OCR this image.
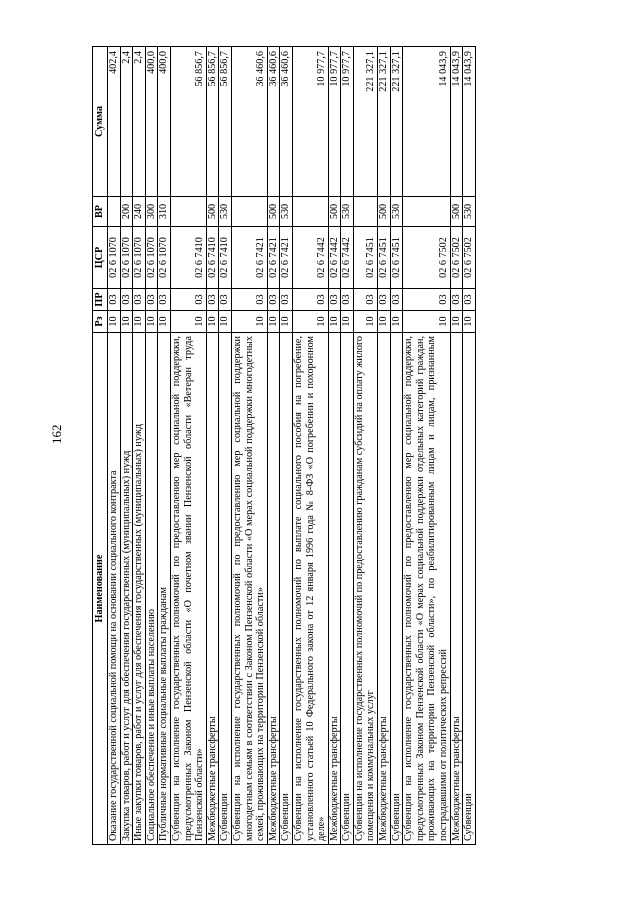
162
Наименование	Рз	ПР	ЦСР	ВР	Сумма
Оказание государственной социальной помощи на основании социального контракта	10	03	02 6 1070		402,4
Закупка товаров, работ и услуг для обеспечения государственных (муниципальных) нужд	10	03	02 6 1070	200	2,4
Иные закупки товаров, работ и услуг для обеспечения государственных (муниципальных) нужд	10	03	02 6 1070	240	2,4
Социальное обеспечение и иные выплаты населению	10	03	02 6 1070	300	400,0
Публичные нормативные социальные выплаты гражданам	10	03	02 6 1070	310	400,0
Субвенции на исполнение государственных полномочий по предоставлению мер социальной поддержки, предусмотренных Законом Пензенской области «О почетном звании Пензенской области «Ветеран труда Пензенской области»	10	03	02 6 7410		56 856,7
Межбюджетные трансферты	10	03	02 6 7410	500	56 856,7
Субвенции	10	03	02 6 7410	530	56 856,7
Субвенции на исполнение государственных полномочий по предоставлению мер социальной поддержки многодетным семьям в соответствии с Законом Пензенской области «О мерах социальной поддержки многодетных семей, проживающих на территории Пензенской области»	10	03	02 6 7421		36 460,6
Межбюджетные трансферты	10	03	02 6 7421	500	36 460,6
Субвенции	10	03	02 6 7421	530	36 460,6
Субвенции на исполнение государственных полномочий по выплате социального пособия на погребение, установленного статьей 10 Федерального закона от 12 января 1996 года № 8-ФЗ «О погребении и похоронном деле»	10	03	02 6 7442		10 977,7
Межбюджетные трансферты	10	03	02 6 7442	500	10 977,7
Субвенции	10	03	02 6 7442	530	10 977,7
Субвенции на исполнение государственных полномочий по предоставлению гражданам субсидий на оплату жилого помещения и коммунальных услуг	10	03	02 6 7451		221 327,1
Межбюджетные трансферты	10	03	02 6 7451	500	221 327,1
Субвенции	10	03	02 6 7451	530	221 327,1
Субвенции на исполнение государственных полномочий по предоставлению мер социальной поддержки, предусмотренных Законом Пензенской области «О мерах социальной поддержки отдельных категорий граждан, проживающих на территории Пензенской области», по реабилитированным лицам и лицам, признанным пострадавшими от политических репрессий	10	03	02 6 7502		14 043,9
Межбюджетные трансферты	10	03	02 6 7502	500	14 043,9
Субвенции	10	03	02 6 7502	530	14 043,9
